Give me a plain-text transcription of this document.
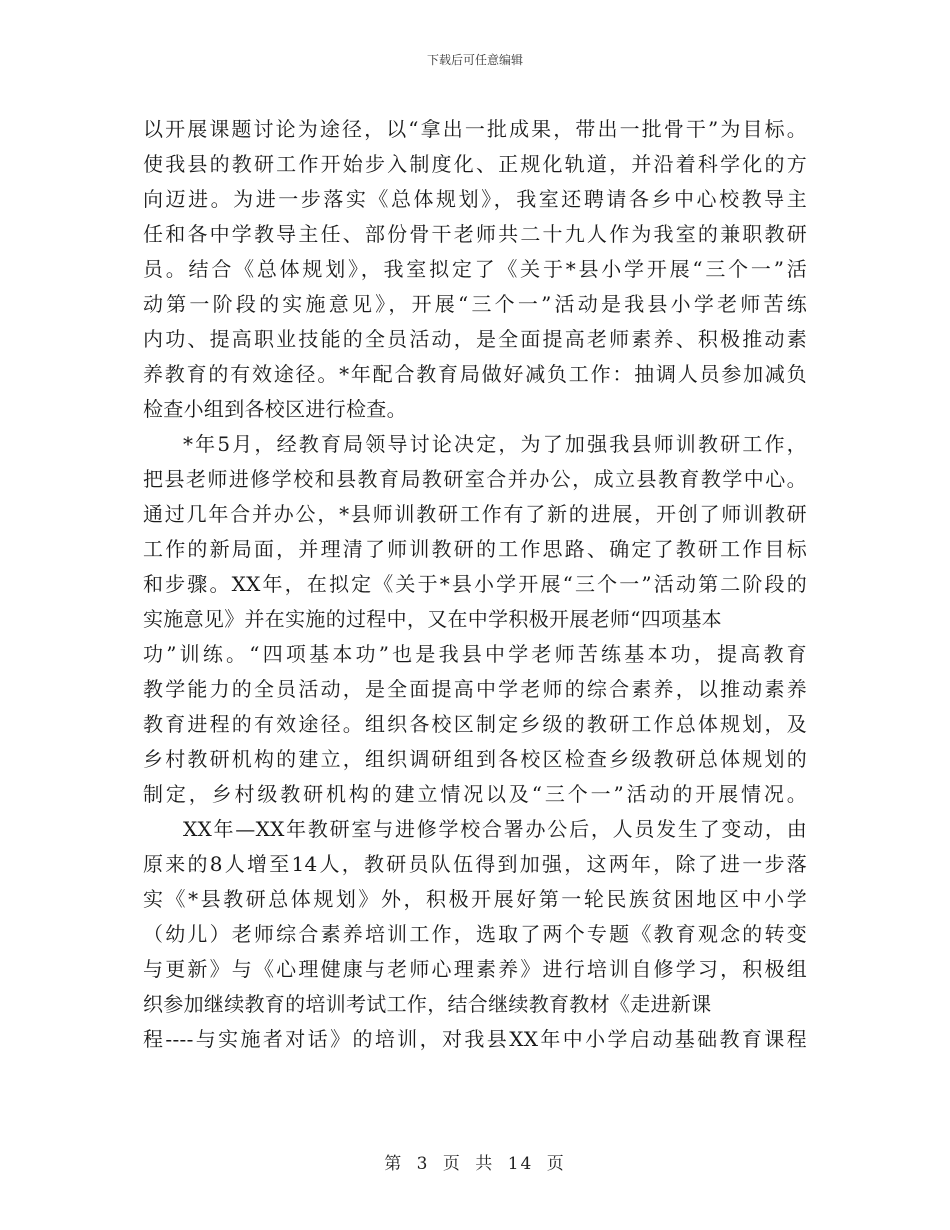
下载后可任意编辑
以开展课题讨论为途径，以“拿出一批成果，带出一批骨干”为目标。
使我县的教研工作开始步入制度化、正规化轨道，并沿着科学化的方
向迈进。为进一步落实《总体规划》，我室还聘请各乡中心校教导主
任和各中学教导主任、部份骨干老师共二十九人作为我室的兼职教研
员。结合《总体规划》，我室拟定了《关于*县小学开展“三个一”活
动第一阶段的实施意见》，开展“三个一”活动是我县小学老师苦练
内功、提高职业技能的全员活动，是全面提高老师素养、积极推动素
养教育的有效途径。*年配合教育局做好减负工作：抽调人员参加减负
检查小组到各校区进行检查。
*年5月，经教育局领导讨论决定，为了加强我县师训教研工作，
把县老师进修学校和县教育局教研室合并办公，成立县教育教学中心。
通过几年合并办公，*县师训教研工作有了新的进展，开创了师训教研
工作的新局面，并理清了师训教研的工作思路、确定了教研工作目标
和步骤。XX年，在拟定《关于*县小学开展“三个一”活动第二阶段的
实施意见》并在实施的过程中，又在中学积极开展老师“四项基本
功”训练。“四项基本功”也是我县中学老师苦练基本功，提高教育
教学能力的全员活动，是全面提高中学老师的综合素养，以推动素养
教育进程的有效途径。组织各校区制定乡级的教研工作总体规划，及
乡村教研机构的建立，组织调研组到各校区检查乡级教研总体规划的
制定，乡村级教研机构的建立情况以及“三个一”活动的开展情况。
XX年—XX年教研室与进修学校合署办公后，人员发生了变动，由
原来的8人增至14人，教研员队伍得到加强，这两年，除了进一步落
实《*县教研总体规划》外，积极开展好第一轮民族贫困地区中小学
（幼儿）老师综合素养培训工作，选取了两个专题《教育观念的转变
与更新》与《心理健康与老师心理素养》进行培训自修学习，积极组
织参加继续教育的培训考试工作，结合继续教育教材《走进新课
程----与实施者对话》的培训，对我县XX年中小学启动基础教育课程
第 3 页 共 14 页
